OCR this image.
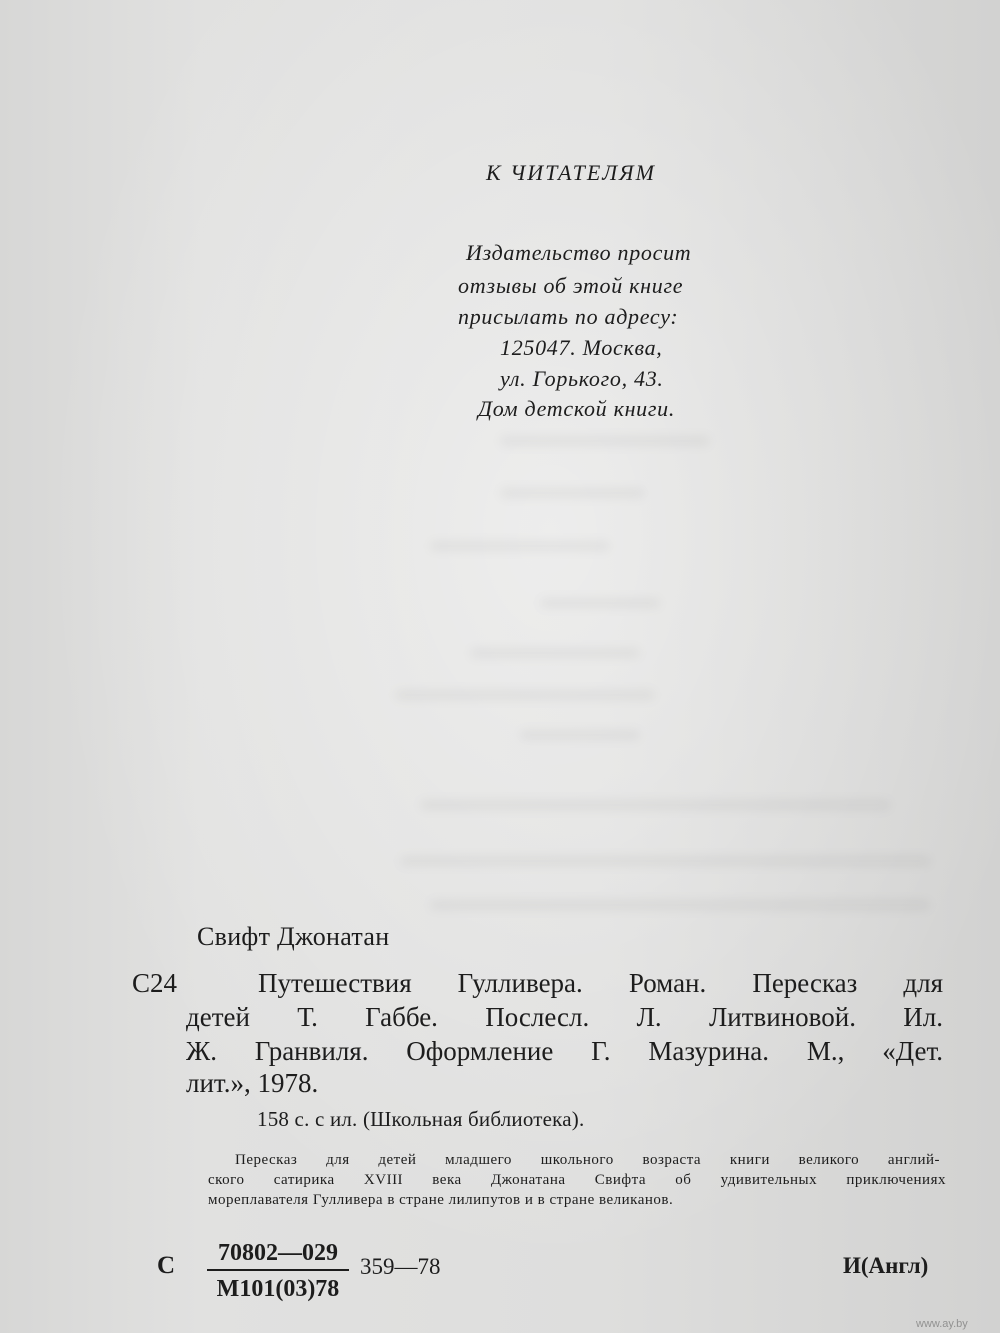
К ЧИТАТЕЛЯМ
Издательство просит
отзывы об этой книге
присылать по адресу:
125047. Москва,
ул. Горького, 43.
Дом детской книги.
Свифт Джонатан
С24	Путешествия Гулливера. Роман. Пересказ для
детей Т. Габбе. Послесл. Л. Литвиновой. Ил.
Ж. Гранвиля. Оформление Г. Мазурина. М., «Дет.
лит.», 1978.
158 с. с ил. (Школьная библиотека).
Пересказ для детей младшего школьного возраста книги великого англий-
ского сатирика XVIII века Джонатана Свифта об удивительных приключениях
мореплавателя Гулливера в стране лилипутов и в стране великанов.
С	70802—029
М101(03)78
359—78	И(Англ)
www.ay.by
